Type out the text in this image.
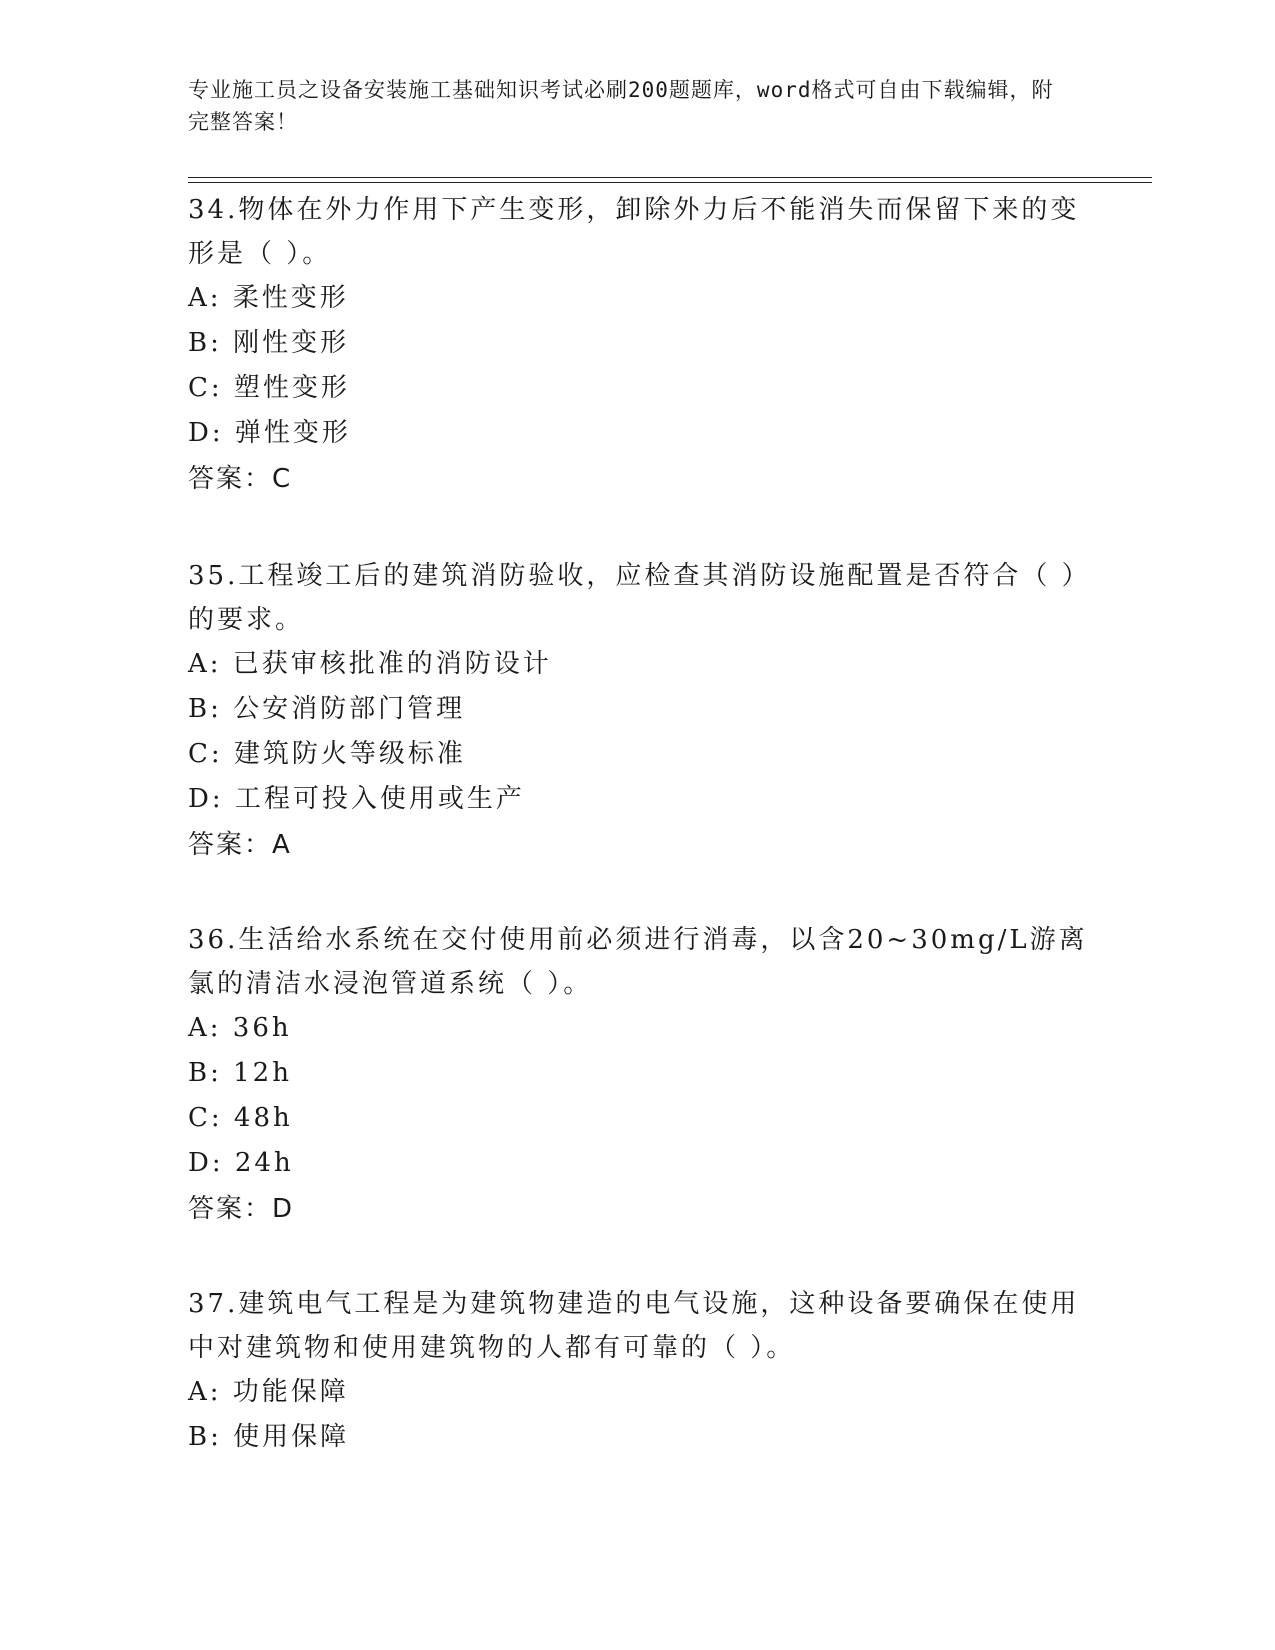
专业施工员之设备安装施工基础知识考试必刷200题题库，word格式可自由下载编辑，附完整答案！

34.物体在外力作用下产生变形，卸除外力后不能消失而保留下来的变形是（ ）。

A: 柔性变形

B: 刚性变形

C: 塑性变形

D: 弹性变形

答案：C

35.工程竣工后的建筑消防验收，应检查其消防设施配置是否符合（ ）的要求。

A: 已获审核批准的消防设计

B: 公安消防部门管理

C: 建筑防火等级标准

D: 工程可投入使用或生产

答案：A

36.生活给水系统在交付使用前必须进行消毒，以含20~30mg/L游离氯的清洁水浸泡管道系统（ ）。

A: 36h

B: 12h

C: 48h

D: 24h

答案：D

37.建筑电气工程是为建筑物建造的电气设施，这种设备要确保在使用中对建筑物和使用建筑物的人都有可靠的（ ）。

A: 功能保障

B: 使用保障
